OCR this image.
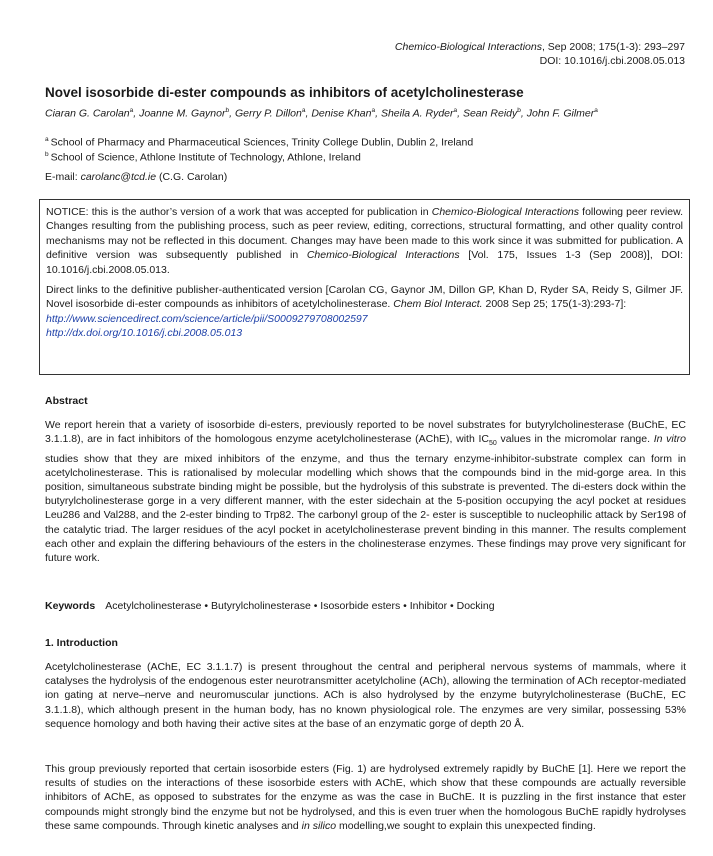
Chemico-Biological Interactions, Sep 2008; 175(1-3): 293–297
DOI: 10.1016/j.cbi.2008.05.013
Novel isosorbide di-ester compounds as inhibitors of acetylcholinesterase
Ciaran G. Carolan$^a$, Joanne M. Gaynor$^b$, Gerry P. Dillon$^a$, Denise Khan$^a$, Sheila A. Ryder$^a$, Sean Reidy$^b$, John F. Gilmer$^a$
$^a$ School of Pharmacy and Pharmaceutical Sciences, Trinity College Dublin, Dublin 2, Ireland
$^b$ School of Science, Athlone Institute of Technology, Athlone, Ireland
E-mail: carolanc@tcd.ie (C.G. Carolan)

NOTICE: this is the author’s version of a work that was accepted for publication in Chemico-Biological Interactions following peer review. Changes resulting from the publishing process, such as peer review, editing, corrections, structural formatting, and other quality control mechanisms may not be reflected in this document. Changes may have been made to this work since it was submitted for publication. A definitive version was subsequently published in Chemico-Biological Interactions [Vol. 175, Issues 1-3 (Sep 2008)], DOI: 10.1016/j.cbi.2008.05.013.

Direct links to the definitive publisher-authenticated version [Carolan CG, Gaynor JM, Dillon GP, Khan D, Ryder SA, Reidy S, Gilmer JF. Novel isosorbide di-ester compounds as inhibitors of acetylcholinesterase. Chem Biol Interact. 2008 Sep 25; 175(1-3):293-7]:
http://www.sciencedirect.com/science/article/pii/S0009279708002597
http://dx.doi.org/10.1016/j.cbi.2008.05.013

Abstract

We report herein that a variety of isosorbide di-esters, previously reported to be novel substrates for butyrylcholinesterase (BuChE, EC 3.1.1.8), are in fact inhibitors of the homologous enzyme acetylcholinesterase (AChE), with $IC_{50}$ values in the micromolar range. In vitro studies show that they are mixed inhibitors of the enzyme, and thus the ternary enzyme-inhibitor-substrate complex can form in acetylcholinesterase. This is rationalised by molecular modelling which shows that the compounds bind in the mid-gorge area. In this position, simultaneous substrate binding might be possible, but the hydrolysis of this substrate is prevented. The di-esters dock within the butyrylcholinesterase gorge in a very different manner, with the ester sidechain at the 5-position occupying the acyl pocket at residues Leu286 and Val288, and the 2-ester binding to Trp82. The carbonyl group of the 2- ester is susceptible to nucleophilic attack by Ser198 of the catalytic triad. The larger residues of the acyl pocket in acetylcholinesterase prevent binding in this manner. The results complement each other and explain the differing behaviours of the esters in the cholinesterase enzymes. These findings may prove very significant for future work.

Keywords Acetylcholinesterase • Butyrylcholinesterase • Isosorbide esters • Inhibitor • Docking
1. Introduction

Acetylcholinesterase (AChE, EC 3.1.1.7) is present throughout the central and peripheral nervous systems of mammals, where it catalyses the hydrolysis of the endogenous ester neurotransmitter acetylcholine (ACh), allowing the termination of ACh receptor-mediated ion gating at nerve–nerve and neuromuscular junctions. ACh is also hydrolysed by the enzyme butyrylcholinesterase (BuChE, EC 3.1.1.8), which although present in the human body, has no known physiological role. The enzymes are very similar, possessing 53% sequence homology and both having their active sites at the base of an enzymatic gorge of depth 20 Å.

This group previously reported that certain isosorbide esters (Fig. 1) are hydrolysed extremely rapidly by BuChE [1]. Here we report the results of studies on the interactions of these isosorbide esters with AChE, which show that these compounds are actually reversible inhibitors of AChE, as opposed to substrates for the enzyme as was the case in BuChE. It is puzzling in the first instance that ester compounds might strongly bind the enzyme but not be hydrolysed, and this is even truer when the homologous BuChE rapidly hydrolyses these same compounds. Through kinetic analyses and in silico modelling,we sought to explain this unexpected finding.
